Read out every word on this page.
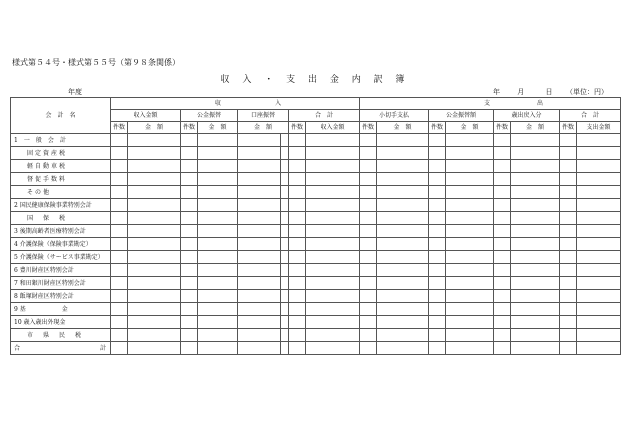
様式第５４号・様式第５５号（第９８条関係）
収 入 ・ 支 出 金 内 訳 簿
年度	年 月	日 （単位：円）
会　計　名	収 入								支 出							
	収入金額		公金振替		口座振替		合　計		小切手支払		公金振替額		歳出戻入分		合　計	
	件数	金　額	件数	金　額	金　額		件数	収入金額	件数	金　額	件数	金　額	件数	金　額	件数	支出金額
1　一　般　会　計																
固定資産税																
軽自動車税																
督促手数料																
その他																
2 国民健康保険事業特別会計																
国　保　税																
3 後期高齢者医療特別会計																
4 介護保険（保険事業勘定）																
5 介護保険（サービス事業勘定）																
6 豊川財産区特別会計																
7 和田銀川財産区特別会計																
8 飯塚財産区特別会計																
9 基　　　　　　金																
10 歳入歳出外現金																
市　県　民　税																
合 計																
